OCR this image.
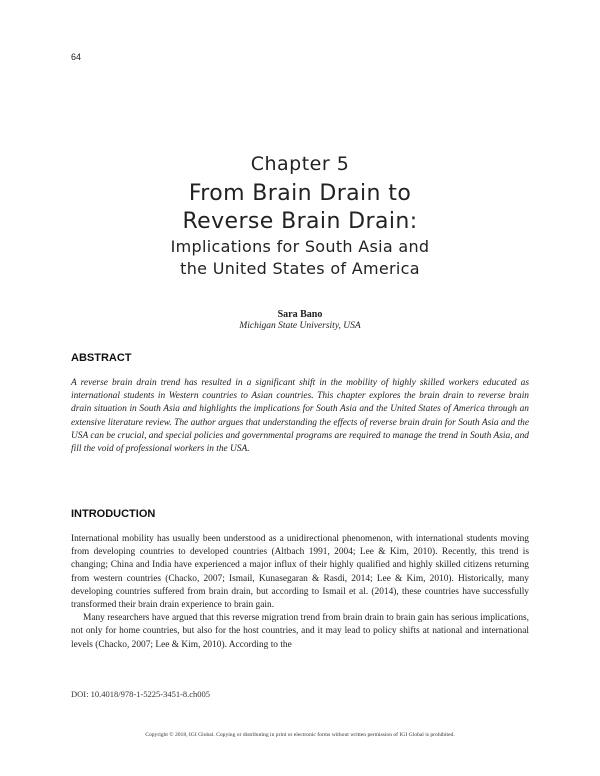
64
Chapter 5
From Brain Drain to
Reverse Brain Drain:
Implications for South Asia and
the United States of America
Sara Bano
Michigan State University, USA
ABSTRACT

A reverse brain drain trend has resulted in a significant shift in the mobility of highly skilled workers educated as international students in Western countries to Asian countries. This chapter explores the brain drain to reverse brain drain situation in South Asia and highlights the implications for South Asia and the United States of America through an extensive literature review. The author argues that understanding the effects of reverse brain drain for South Asia and the USA can be crucial, and special policies and governmental programs are required to manage the trend in South Asia, and fill the void of professional workers in the USA.

INTRODUCTION

International mobility has usually been understood as a unidirectional phenomenon, with international students moving from developing countries to developed countries (Altbach 1991, 2004; Lee & Kim, 2010). Recently, this trend is changing; China and India have experienced a major influx of their highly qualified and highly skilled citizens returning from western countries (Chacko, 2007; Ismail, Kunasegaran & Rasdi, 2014; Lee & Kim, 2010). Historically, many developing countries suffered from brain drain, but according to Ismail et al. (2014), these countries have successfully transformed their brain drain experience to brain gain.

Many researchers have argued that this reverse migration trend from brain drain to brain gain has serious implications, not only for home countries, but also for the host countries, and it may lead to policy shifts at national and international levels (Chacko, 2007; Lee & Kim, 2010). According to the

DOI: 10.4018/978-1-5225-3451-8.ch005
Copyright © 2018, IGI Global. Copying or distributing in print or electronic forms without written permission of IGI Global is prohibited.
